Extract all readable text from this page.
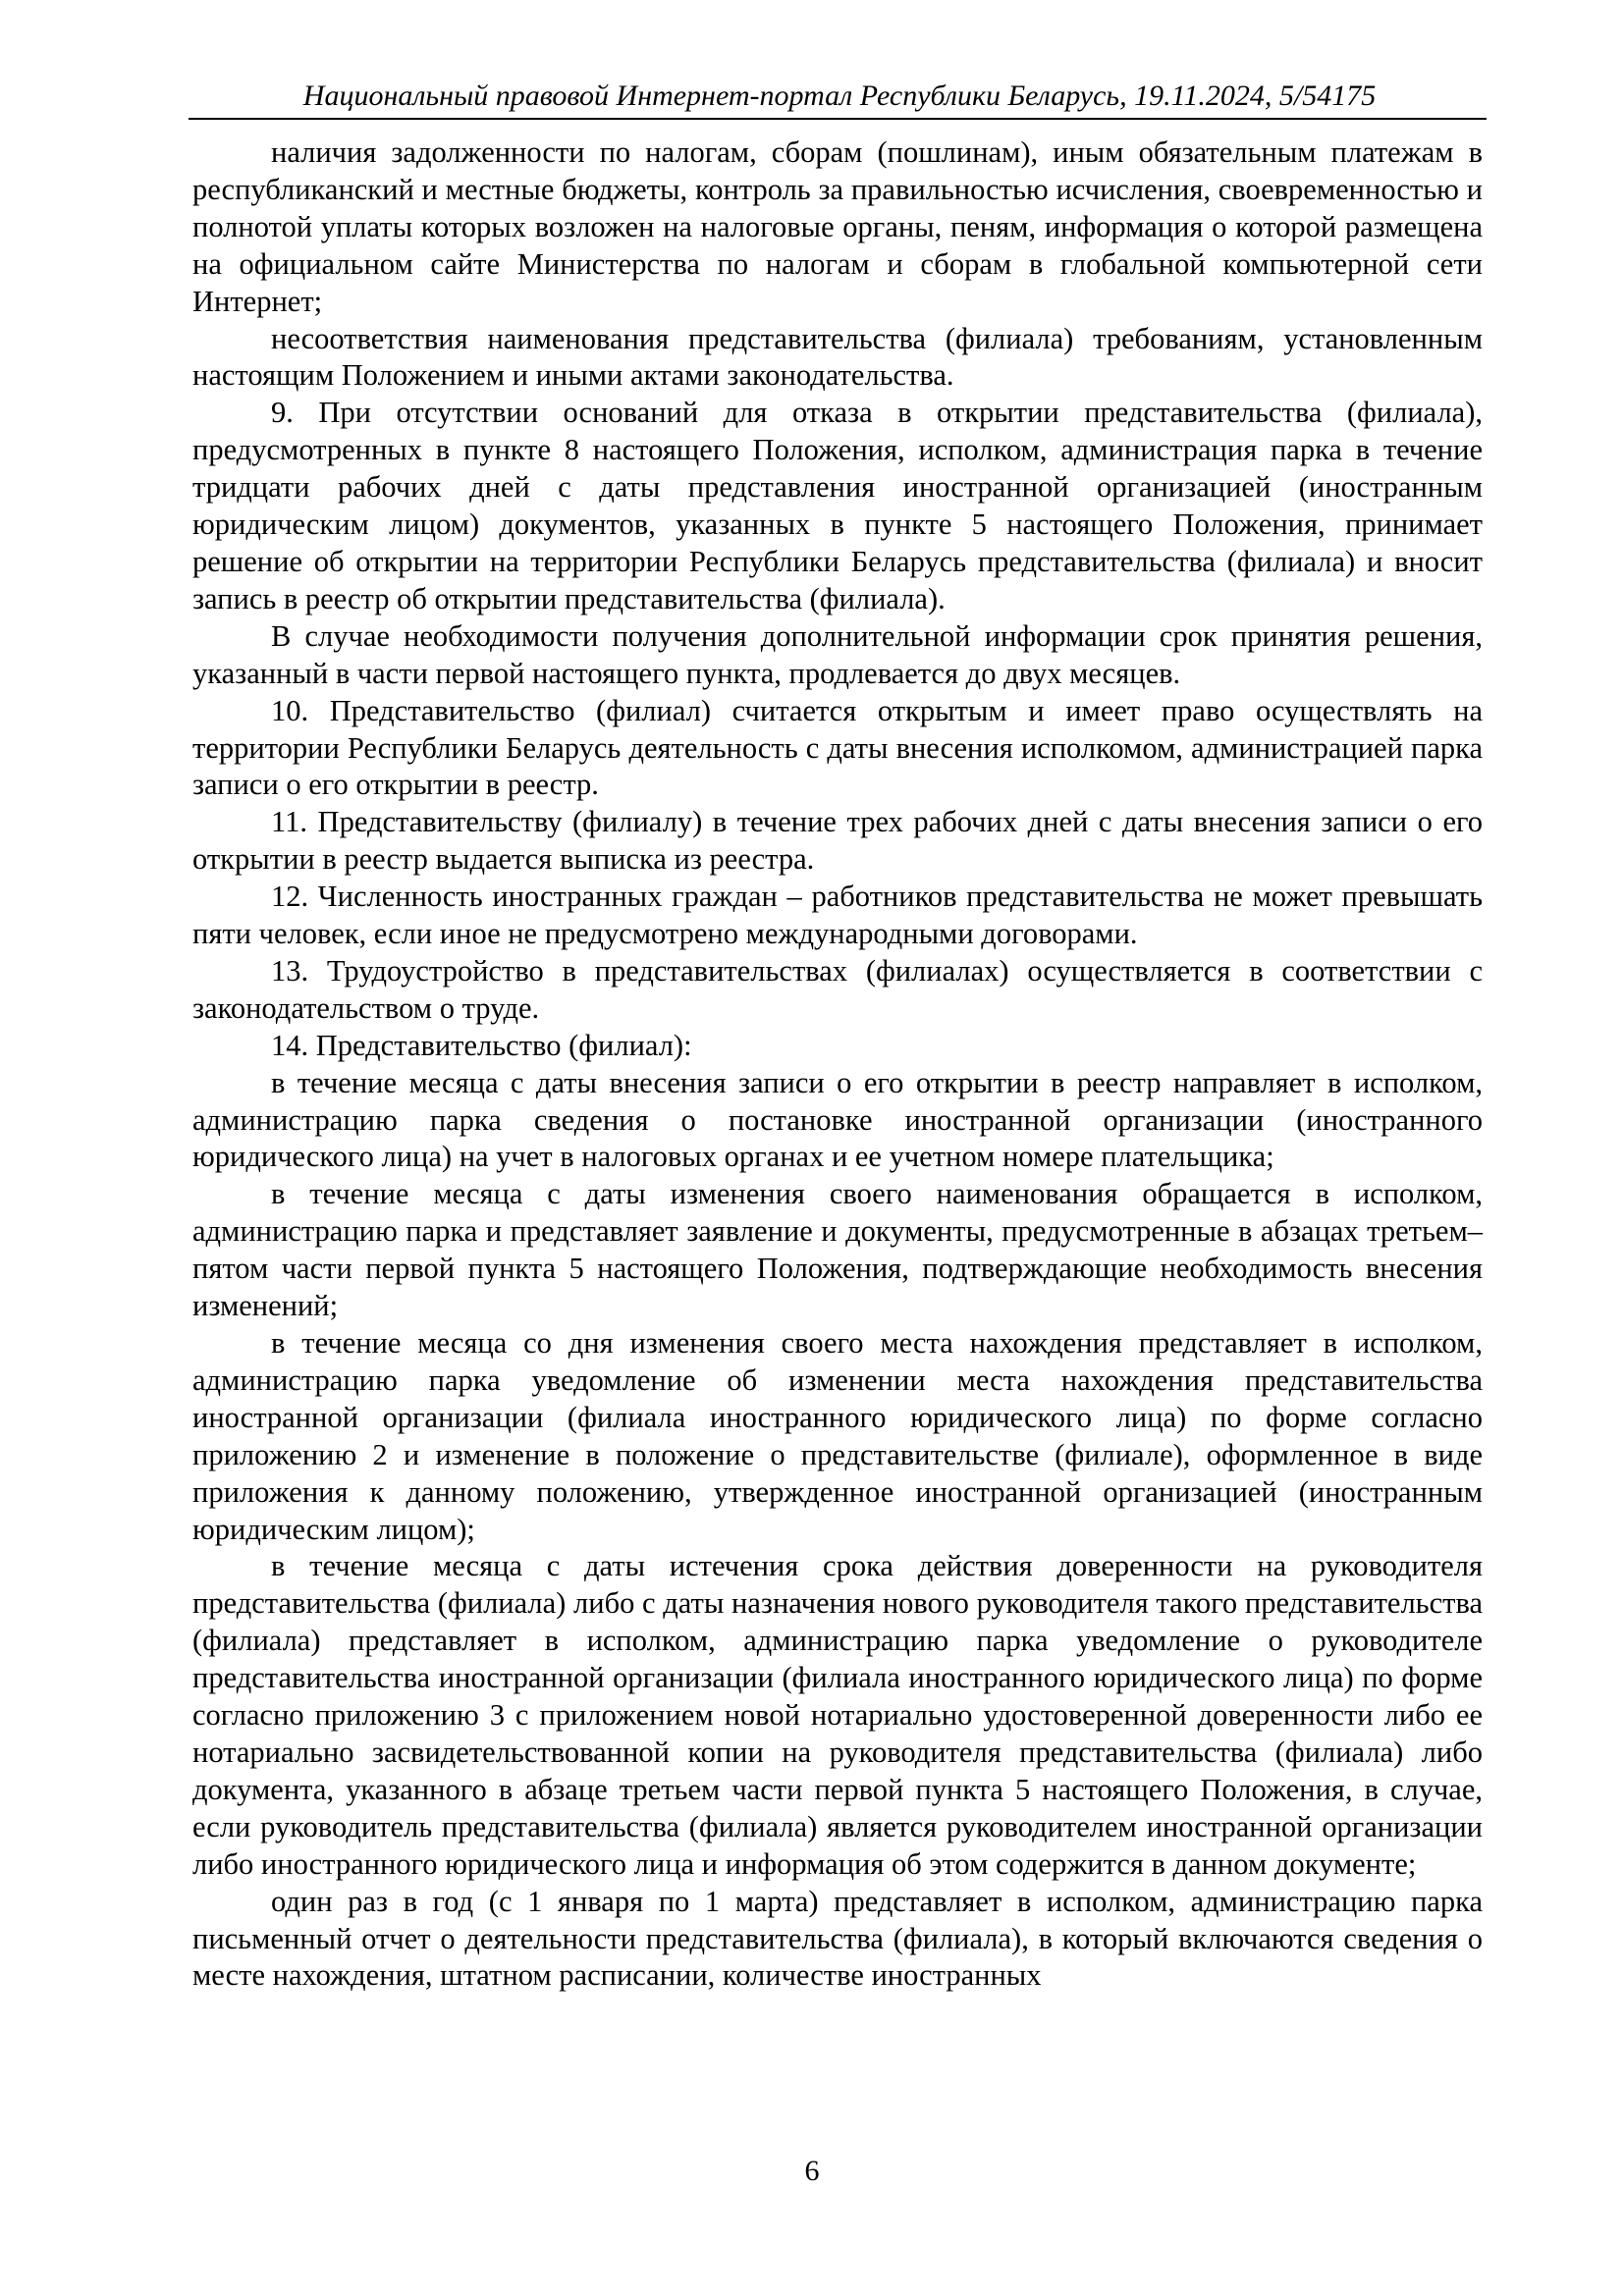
Национальный правовой Интернет-портал Республики Беларусь, 19.11.2024, 5/54175

наличия задолженности по налогам, сборам (пошлинам), иным обязательным платежам в республиканский и местные бюджеты, контроль за правильностью исчисления, своевременностью и полнотой уплаты которых возложен на налоговые органы, пеням, информация о которой размещена на официальном сайте Министерства по налогам и сборам в глобальной компьютерной сети Интернет;

несоответствия наименования представительства (филиала) требованиям, установленным настоящим Положением и иными актами законодательства.

9. При отсутствии оснований для отказа в открытии представительства (филиала), предусмотренных в пункте 8 настоящего Положения, исполком, администрация парка в течение тридцати рабочих дней с даты представления иностранной организацией (иностранным юридическим лицом) документов, указанных в пункте 5 настоящего Положения, принимает решение об открытии на территории Республики Беларусь представительства (филиала) и вносит запись в реестр об открытии представительства (филиала).

В случае необходимости получения дополнительной информации срок принятия решения, указанный в части первой настоящего пункта, продлевается до двух месяцев.

10. Представительство (филиал) считается открытым и имеет право осуществлять на территории Республики Беларусь деятельность с даты внесения исполкомом, администрацией парка записи о его открытии в реестр.

11. Представительству (филиалу) в течение трех рабочих дней с даты внесения записи о его открытии в реестр выдается выписка из реестра.

12. Численность иностранных граждан – работников представительства не может превышать пяти человек, если иное не предусмотрено международными договорами.

13. Трудоустройство в представительствах (филиалах) осуществляется в соответствии с законодательством о труде.

14. Представительство (филиал):

в течение месяца с даты внесения записи о его открытии в реестр направляет в исполком, администрацию парка сведения о постановке иностранной организации (иностранного юридического лица) на учет в налоговых органах и ее учетном номере плательщика;

в течение месяца с даты изменения своего наименования обращается в исполком, администрацию парка и представляет заявление и документы, предусмотренные в абзацах третьем–пятом части первой пункта 5 настоящего Положения, подтверждающие необходимость внесения изменений;

в течение месяца со дня изменения своего места нахождения представляет в исполком, администрацию парка уведомление об изменении места нахождения представительства иностранной организации (филиала иностранного юридического лица) по форме согласно приложению 2 и изменение в положение о представительстве (филиале), оформленное в виде приложения к данному положению, утвержденное иностранной организацией (иностранным юридическим лицом);

в течение месяца с даты истечения срока действия доверенности на руководителя представительства (филиала) либо с даты назначения нового руководителя такого представительства (филиала) представляет в исполком, администрацию парка уведомление о руководителе представительства иностранной организации (филиала иностранного юридического лица) по форме согласно приложению 3 с приложением новой нотариально удостоверенной доверенности либо ее нотариально засвидетельствованной копии на руководителя представительства (филиала) либо документа, указанного в абзаце третьем части первой пункта 5 настоящего Положения, в случае, если руководитель представительства (филиала) является руководителем иностранной организации либо иностранного юридического лица и информация об этом содержится в данном документе;

один раз в год (с 1 января по 1 марта) представляет в исполком, администрацию парка письменный отчет о деятельности представительства (филиала), в который включаются сведения о месте нахождения, штатном расписании, количестве иностранных

6
